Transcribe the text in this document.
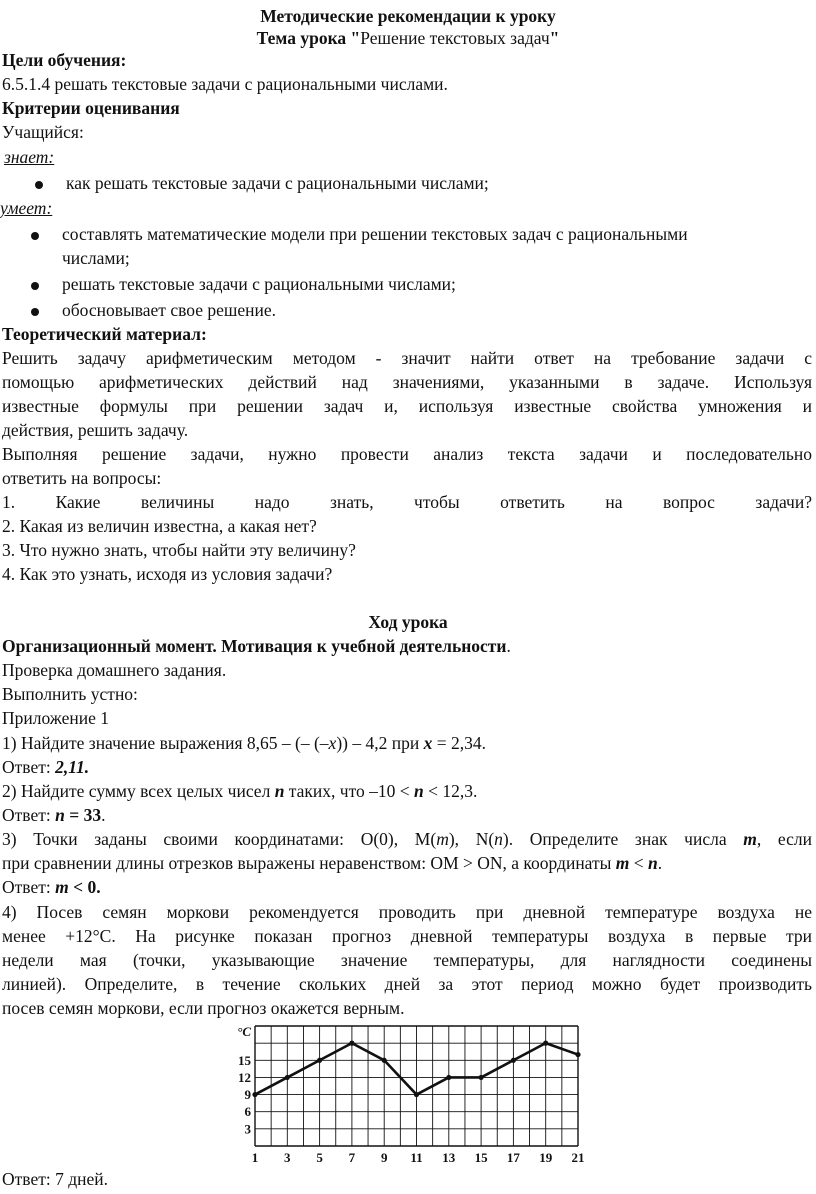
Методические рекомендации к уроку
Тема урока "Решение текстовых задач"
Цели обучения:
6.5.1.4 решать текстовые задачи с рациональными числами.
Критерии оценивания
Учащийся:
знает:
как решать текстовые задачи с рациональными числами;
умеет:
составлять математические модели при решении текстовых задач с рациональными
числами;
решать текстовые задачи с рациональными числами;
обосновывает свое решение.
Теоретический материал:
Решить задачу арифметическим методом - значит найти ответ на требование задачи с
помощью арифметических действий над значениями, указанными в задаче. Используя
известные формулы при решении задач и, используя известные свойства умножения и
действия, решить задачу.
Выполняя решение задачи, нужно провести анализ текста задачи и последовательно
ответить на вопросы:
1. Какие величины надо знать, чтобы ответить на вопрос задачи?
2. Какая из величин известна, а какая нет?
3. Что нужно знать, чтобы найти эту величину?
4. Как это узнать, исходя из условия задачи?
Ход урока
Организационный момент. Мотивация к учебной деятельности.
Проверка домашнего задания.
Выполнить устно:
Приложение 1
1) Найдите значение выражения 8,65 – (– (–x)) – 4,2 при x = 2,34.
Ответ: 2,11.
2) Найдите сумму всех целых чисел n таких, что –10 < n < 12,3.
Ответ: n = 33.
3) Точки заданы своими координатами: O(0), M(m), N(n). Определите знак числа m, если
при сравнении длины отрезков выражены неравенством: OM > ON, а координаты m < n.
Ответ: m < 0.
4) Посев семян моркови рекомендуется проводить при дневной температуре воздуха не
менее +12°C. На рисунке показан прогноз дневной температуры воздуха в первые три
недели мая (точки, указывающие значение температуры, для наглядности соединены
линией). Определите, в течение скольких дней за этот период можно будет производить
посев семян моркови, если прогноз окажется верным.
3
6
9
12
15
°C
1 3 5 7 9 11 13 15 17 19 21
Ответ: 7 дней.
